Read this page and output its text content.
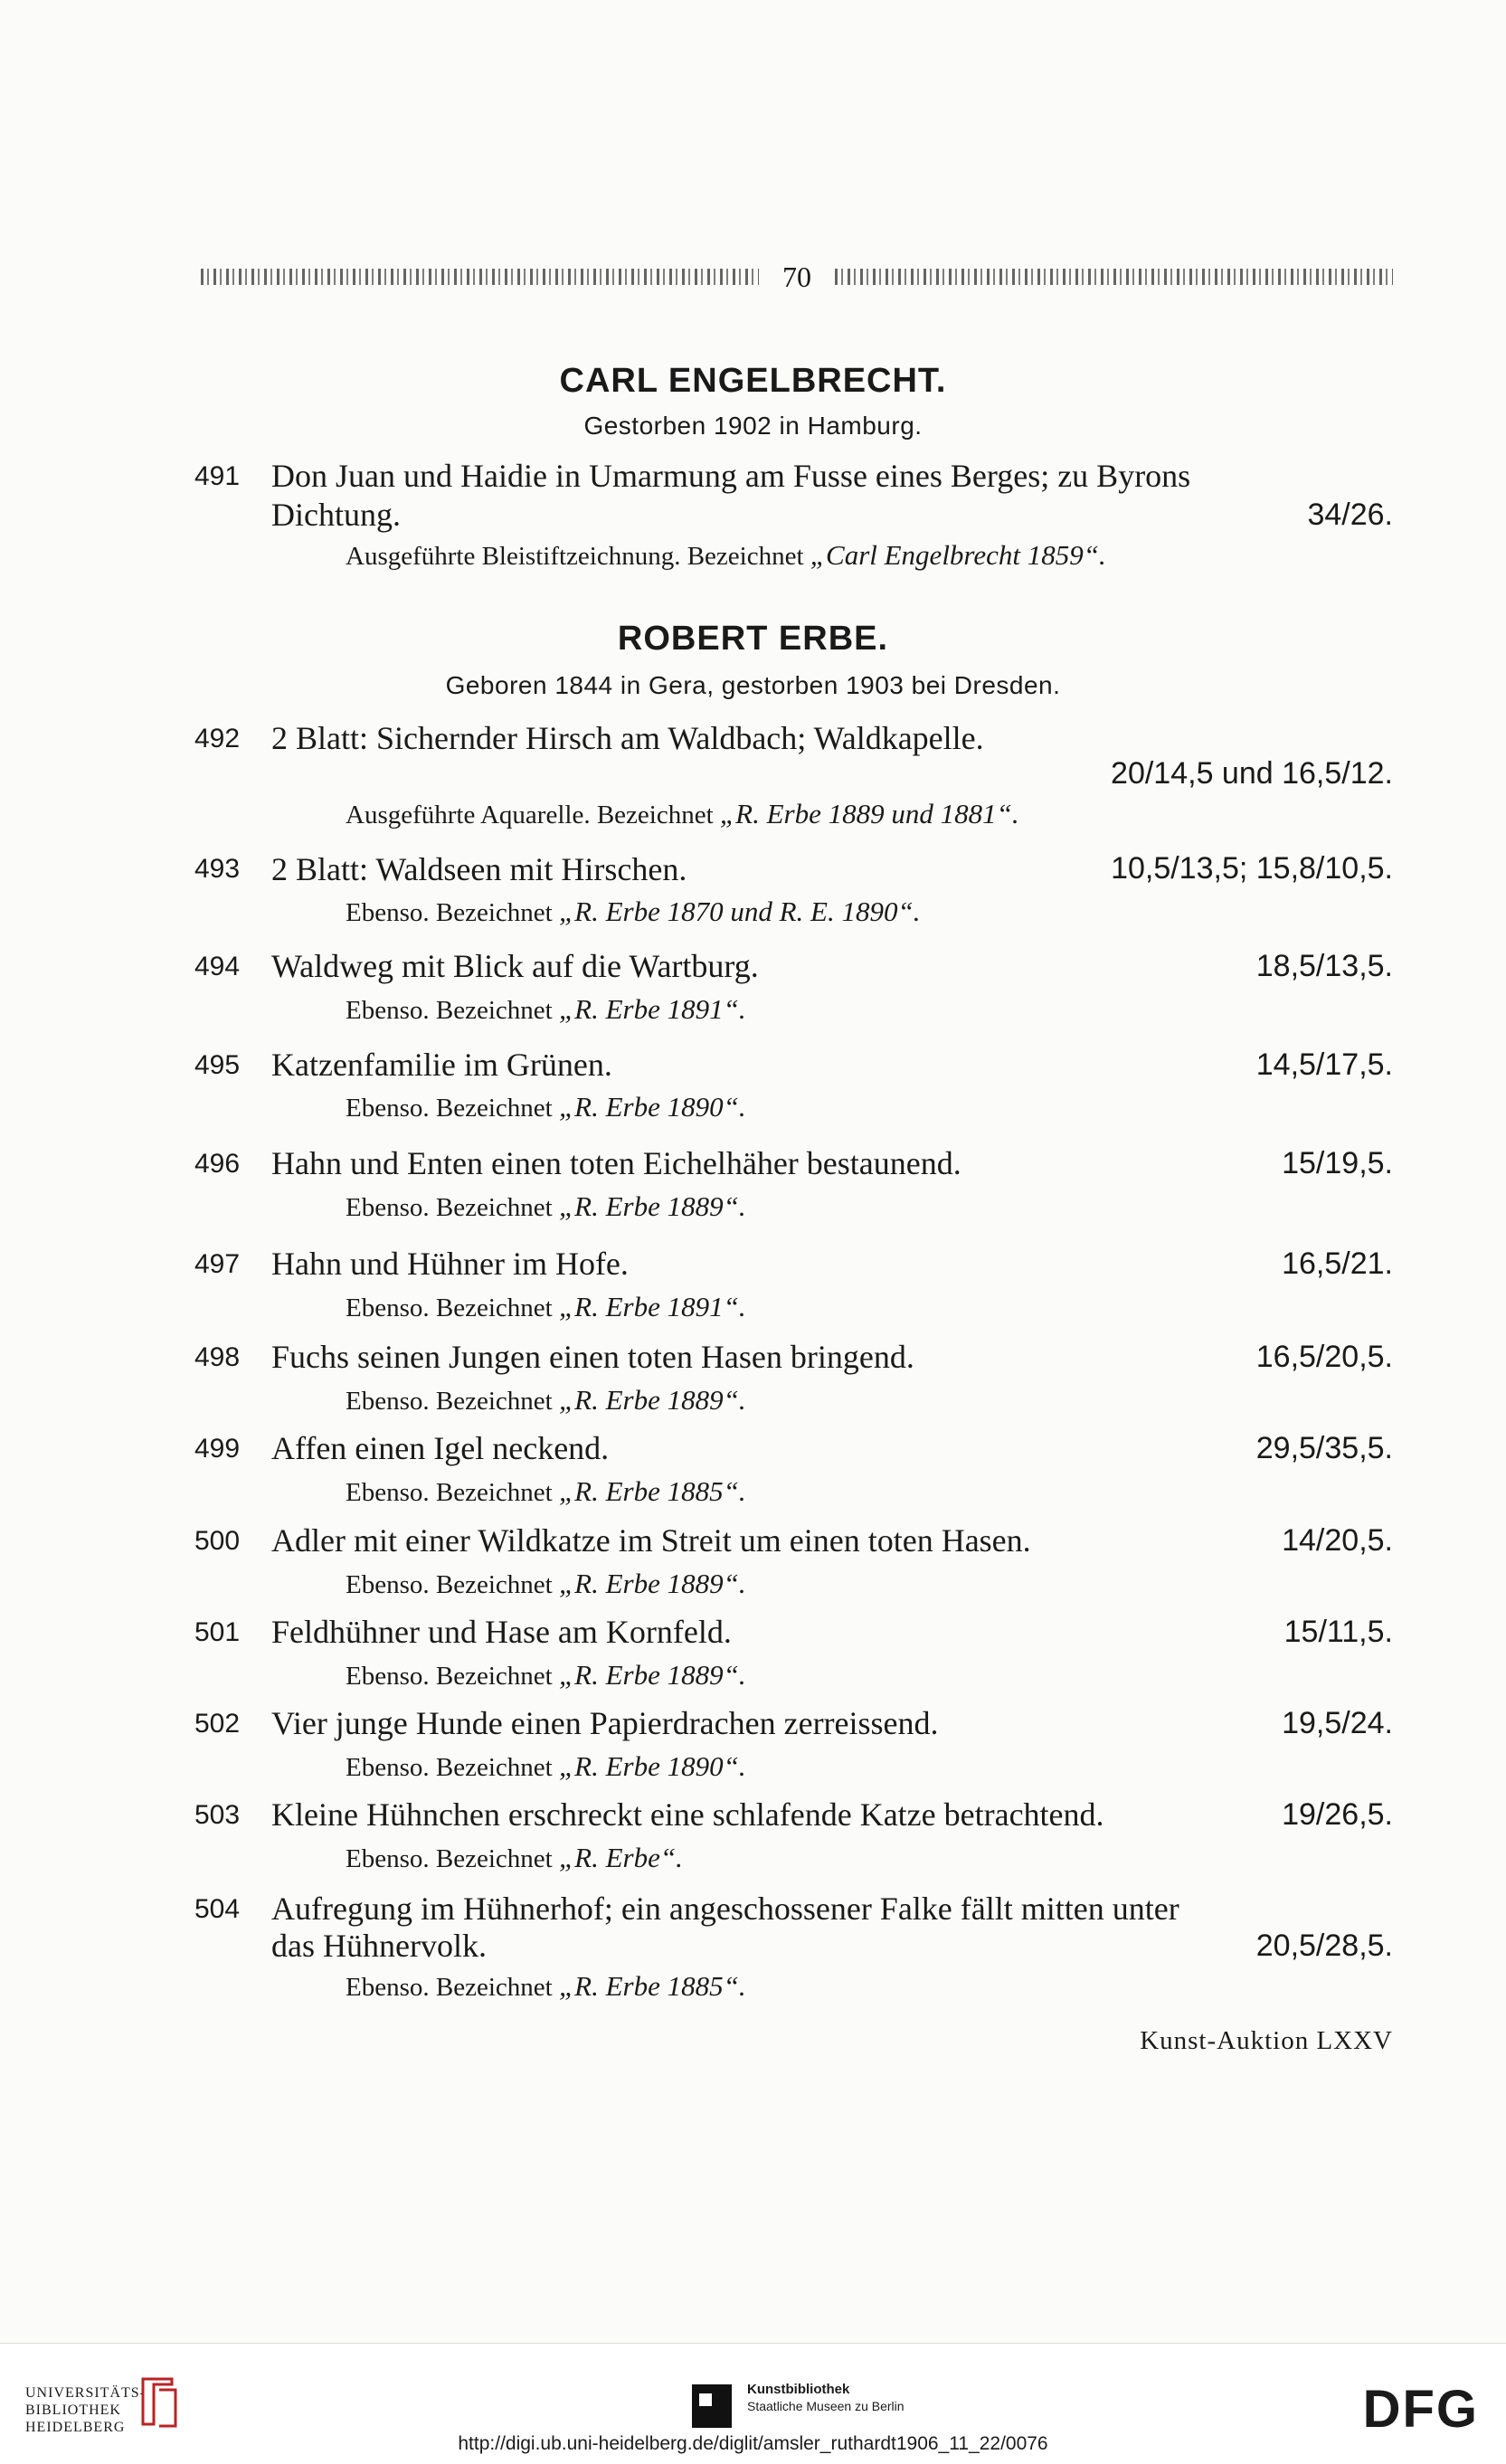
70
CARL ENGELBRECHT.
Gestorben 1902 in Hamburg.
491 Don Juan und Haidie in Umarmung am Fusse eines Berges; zu Byrons
Dichtung.	34/26.
Ausgeführte Bleistiftzeichnung. Bezeichnet „Carl Engelbrecht 1859“.
ROBERT ERBE.
Geboren 1844 in Gera, gestorben 1903 bei Dresden.
492 2 Blatt: Sichernder Hirsch am Waldbach; Waldkapelle.
20/14,5 und 16,5/12.
Ausgeführte Aquarelle. Bezeichnet „R. Erbe 1889 und 1881“.
493 2 Blatt: Waldseen mit Hirschen.	10,5/13,5; 15,8/10,5.
Ebenso. Bezeichnet „R. Erbe 1870 und R. E. 1890“.
494 Waldweg mit Blick auf die Wartburg.	18,5/13,5.
Ebenso. Bezeichnet „R. Erbe 1891“.
495 Katzenfamilie im Grünen.	14,5/17,5.
Ebenso. Bezeichnet „R. Erbe 1890“.
496 Hahn und Enten einen toten Eichelhäher bestaunend.	15/19,5.
Ebenso. Bezeichnet „R. Erbe 1889“.
497 Hahn und Hühner im Hofe.	16,5/21.
Ebenso. Bezeichnet „R. Erbe 1891“.
498 Fuchs seinen Jungen einen toten Hasen bringend.	16,5/20,5.
Ebenso. Bezeichnet „R. Erbe 1889“.
499 Affen einen Igel neckend.	29,5/35,5.
Ebenso. Bezeichnet „R. Erbe 1885“.
500 Adler mit einer Wildkatze im Streit um einen toten Hasen.	14/20,5.
Ebenso. Bezeichnet „R. Erbe 1889“.
501 Feldhühner und Hase am Kornfeld.	15/11,5.
Ebenso. Bezeichnet „R. Erbe 1889“.
502 Vier junge Hunde einen Papierdrachen zerreissend.	19,5/24.
Ebenso. Bezeichnet „R. Erbe 1890“.
503 Kleine Hühnchen erschreckt eine schlafende Katze betrachtend.	19/26,5.
Ebenso. Bezeichnet „R. Erbe“.
504 Aufregung im Hühnerhof; ein angeschossener Falke fällt mitten unter
das Hühnervolk.	20,5/28,5.
Ebenso. Bezeichnet „R. Erbe 1885“.
Kunst-Auktion LXXV
UNIVERSITÄTS-
BIBLIOTHEK
HEIDELBERG
Kunstbibliothek
Staatliche Museen zu Berlin	DFG
http://digi.ub.uni-heidelberg.de/diglit/amsler_ruthardt1906_11_22/0076
